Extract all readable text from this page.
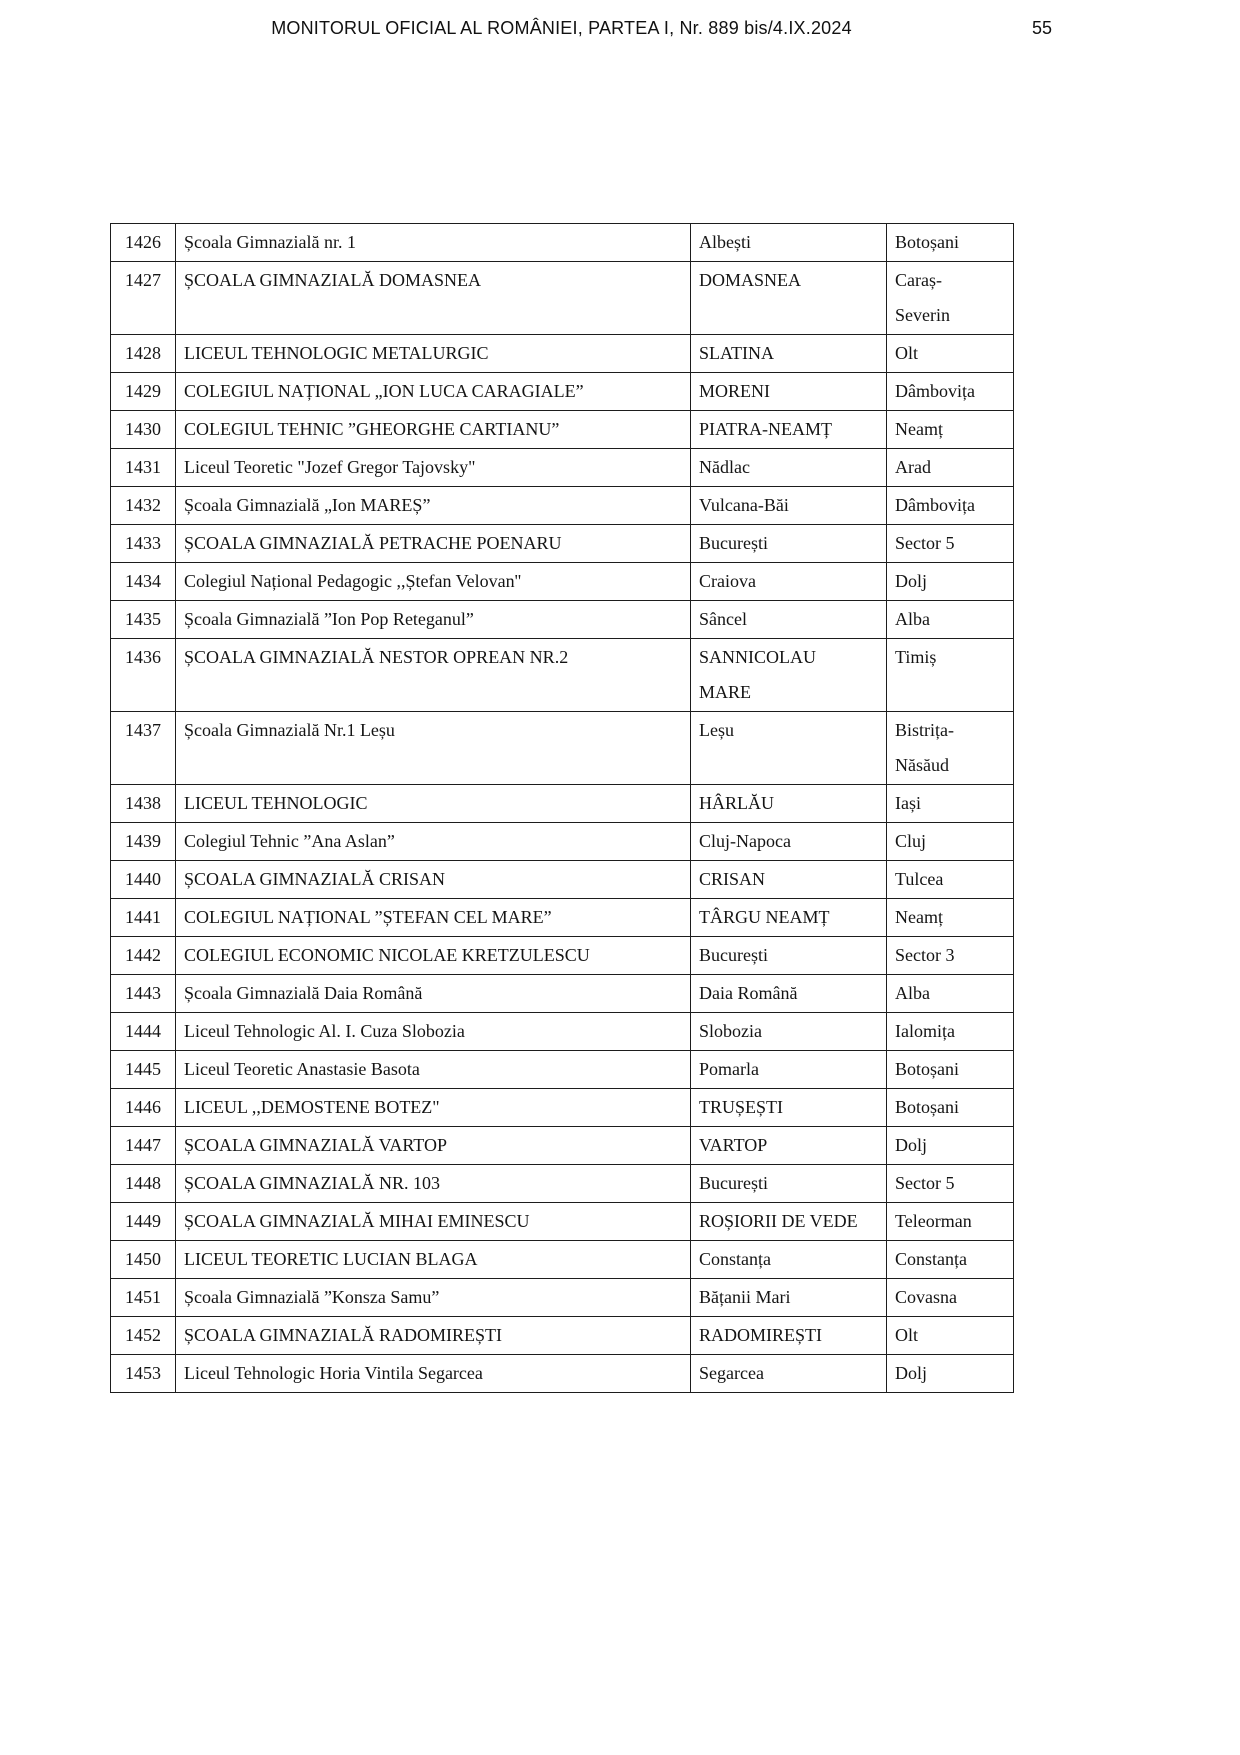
MONITORUL OFICIAL AL ROMÂNIEI, PARTEA I, Nr. 889 bis/4.IX.2024	55
1426	Școala Gimnazială nr. 1	Albești	Botoșani
1427	ȘCOALA GIMNAZIALĂ DOMASNEA	DOMASNEA	Caraș-Severin
1428	LICEUL TEHNOLOGIC METALURGIC	SLATINA	Olt
1429	COLEGIUL NAȚIONAL „ION LUCA CARAGIALE”	MORENI	Dâmbovița
1430	COLEGIUL TEHNIC ”GHEORGHE CARTIANU”	PIATRA-NEAMȚ	Neamț
1431	Liceul Teoretic "Jozef Gregor Tajovsky"	Nădlac	Arad
1432	Școala Gimnazială „Ion MAREȘ”	Vulcana-Băi	Dâmbovița
1433	ȘCOALA GIMNAZIALĂ PETRACHE POENARU	București	Sector 5
1434	Colegiul Național Pedagogic ,,Ștefan Velovan''	Craiova	Dolj
1435	Școala Gimnazială ”Ion Pop Reteganul”	Sâncel	Alba
1436	ȘCOALA GIMNAZIALĂ NESTOR OPREAN NR.2	SANNICOLAU MARE	Timiș
1437	Școala Gimnazială Nr.1 Leșu	Leșu	Bistrița-Năsăud
1438	LICEUL TEHNOLOGIC	HÂRLĂU	Iași
1439	Colegiul Tehnic ”Ana Aslan”	Cluj-Napoca	Cluj
1440	ȘCOALA GIMNAZIALĂ CRISAN	CRISAN	Tulcea
1441	COLEGIUL NAȚIONAL ”ȘTEFAN CEL MARE”	TÂRGU NEAMȚ	Neamț
1442	COLEGIUL ECONOMIC NICOLAE KRETZULESCU	București	Sector 3
1443	Școala Gimnazială Daia Română	Daia Română	Alba
1444	Liceul Tehnologic Al. I. Cuza Slobozia	Slobozia	Ialomița
1445	Liceul Teoretic Anastasie Basota	Pomarla	Botoșani
1446	LICEUL ,,DEMOSTENE BOTEZ"	TRUȘEȘTI	Botoșani
1447	ȘCOALA GIMNAZIALĂ VARTOP	VARTOP	Dolj
1448	ȘCOALA GIMNAZIALĂ NR. 103	București	Sector 5
1449	ȘCOALA GIMNAZIALĂ MIHAI EMINESCU	ROȘIORII DE VEDE	Teleorman
1450	LICEUL TEORETIC LUCIAN BLAGA	Constanța	Constanța
1451	Școala Gimnazială ”Konsza Samu”	Bățanii Mari	Covasna
1452	ȘCOALA GIMNAZIALĂ RADOMIREȘTI	RADOMIREȘTI	Olt
1453	Liceul Tehnologic Horia Vintila Segarcea	Segarcea	Dolj
